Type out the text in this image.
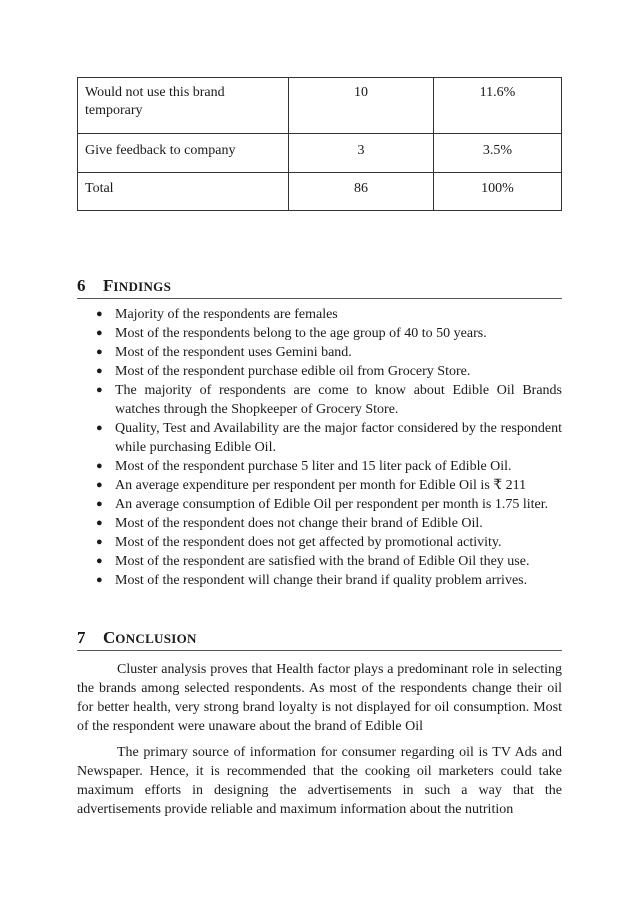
Would not use this brand temporary	10	11.6%
Give feedback to company	3	3.5%
Total	86	100%
6 FINDINGS
● Majority of the respondents are females
● Most of the respondents belong to the age group of 40 to 50 years.
● Most of the respondent uses Gemini band.
● Most of the respondent purchase edible oil from Grocery Store.
● The majority of respondents are come to know about Edible Oil Brands watches through the Shopkeeper of Grocery Store.
● Quality, Test and Availability are the major factor considered by the respondent while purchasing Edible Oil.
● Most of the respondent purchase 5 liter and 15 liter pack of Edible Oil.
● An average expenditure per respondent per month for Edible Oil is ₹ 211
● An average consumption of Edible Oil per respondent per month is 1.75 liter.
● Most of the respondent does not change their brand of Edible Oil.
● Most of the respondent does not get affected by promotional activity.
● Most of the respondent are satisfied with the brand of Edible Oil they use.
● Most of the respondent will change their brand if quality problem arrives.
7 CONCLUSION

Cluster analysis proves that Health factor plays a predominant role in selecting the brands among selected respondents. As most of the respondents change their oil for better health, very strong brand loyalty is not displayed for oil consumption. Most of the respondent were unaware about the brand of Edible Oil

The primary source of information for consumer regarding oil is TV Ads and Newspaper. Hence, it is recommended that the cooking oil marketers could take maximum efforts in designing the advertisements in such a way that the advertisements provide reliable and maximum information about the nutrition
